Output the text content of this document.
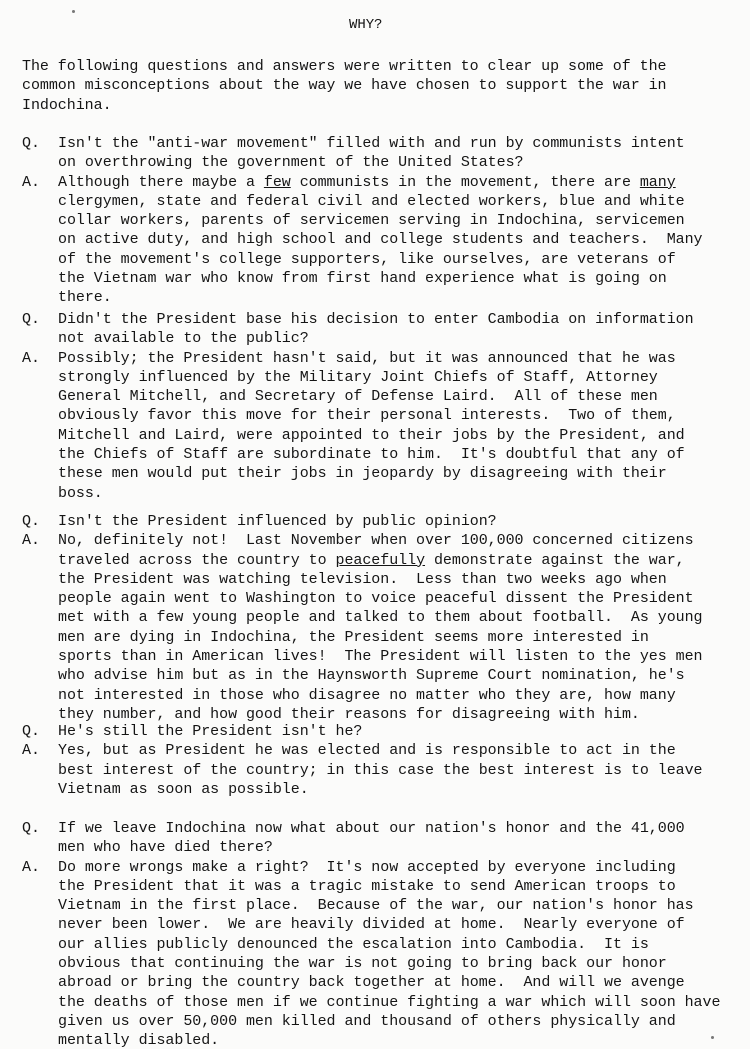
WHY?

The following questions and answers were written to clear up some of the
common misconceptions about the way we have chosen to support the war in
Indochina.

Q. Isn't the "anti-war movement" filled with and run by communists intent
on overthrowing the government of the United States?
A. Although there maybe a few communists in the movement, there are many
clergymen, state and federal civil and elected workers, blue and white
collar workers, parents of servicemen serving in Indochina, servicemen
on active duty, and high school and college students and teachers.  Many
of the movement's college supporters, like ourselves, are veterans of
the Vietnam war who know from first hand experience what is going on
there.
Q. Didn't the President base his decision to enter Cambodia on information
not available to the public?
A. Possibly; the President hasn't said, but it was announced that he was
strongly influenced by the Military Joint Chiefs of Staff, Attorney
General Mitchell, and Secretary of Defense Laird.  All of these men
obviously favor this move for their personal interests.  Two of them,
Mitchell and Laird, were appointed to their jobs by the President, and
the Chiefs of Staff are subordinate to him.  It's doubtful that any of
these men would put their jobs in jeopardy by disagreeing with their
boss.
Q. Isn't the President influenced by public opinion?
A. No, definitely not!  Last November when over 100,000 concerned citizens
traveled across the country to peacefully demonstrate against the war,
the President was watching television.  Less than two weeks ago when
people again went to Washington to voice peaceful dissent the President
met with a few young people and talked to them about football.  As young
men are dying in Indochina, the President seems more interested in
sports than in American lives!  The President will listen to the yes men
who advise him but as in the Haynsworth Supreme Court nomination, he's
not interested in those who disagree no matter who they are, how many
they number, and how good their reasons for disagreeing with him.
Q. He's still the President isn't he?
A. Yes, but as President he was elected and is responsible to act in the
best interest of the country; in this case the best interest is to leave
Vietnam as soon as possible.
Q. If we leave Indochina now what about our nation's honor and the 41,000
men who have died there?
A. Do more wrongs make a right?  It's now accepted by everyone including
the President that it was a tragic mistake to send American troops to
Vietnam in the first place.  Because of the war, our nation's honor has
never been lower.  We are heavily divided at home.  Nearly everyone of
our allies publicly denounced the escalation into Cambodia.  It is
obvious that continuing the war is not going to bring back our honor
abroad or bring the country back together at home.  And will we avenge
the deaths of those men if we continue fighting a war which will soon have
given us over 50,000 men killed and thousand of others physically and
mentally disabled.
